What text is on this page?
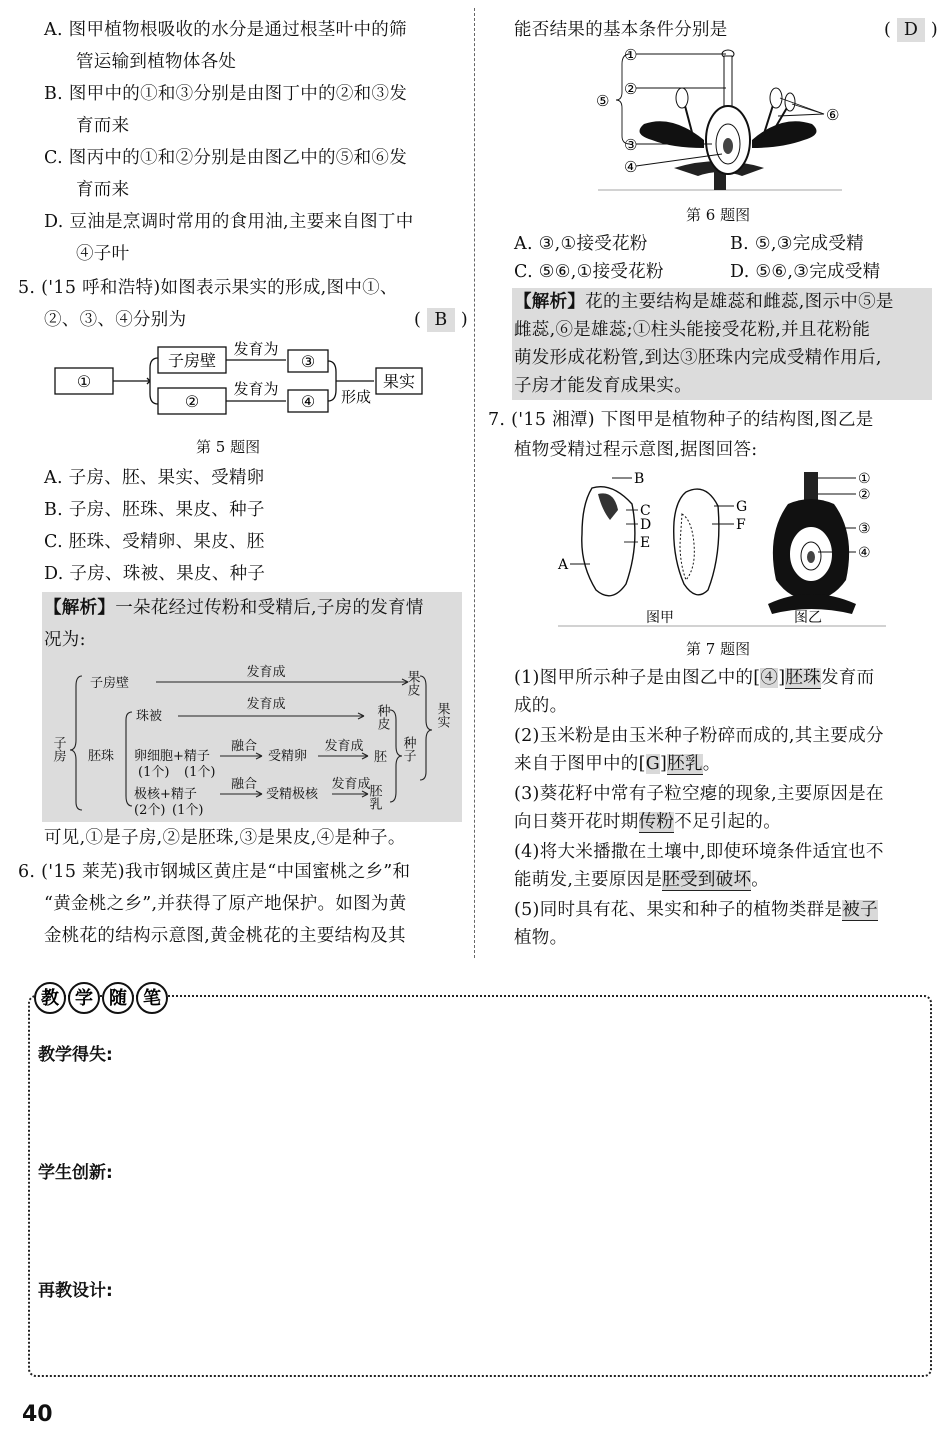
A. 图甲植物根吸收的水分是通过根茎叶中的筛
管运输到植物体各处
B. 图甲中的①和③分别是由图丁中的②和③发
育而来
C. 图丙中的①和②分别是由图乙中的⑤和⑥发
育而来
D. 豆油是烹调时常用的食用油,主要来自图丁中
④子叶
5. ('15 呼和浩特)如图表示果实的形成,图中①、
②、③、④分别为	( B )
①
子房壁
②
发育为
发育为
③
④ 形成
果实
第 5 题图
A. 子房、胚、果实、受精卵
B. 子房、胚珠、果皮、种子
C. 胚珠、受精卵、果皮、胚
D. 子房、珠被、果皮、种子
【解析】一朵花经过传粉和受精后,子房的发育情
况为:
子房
子房壁
发育成	果皮
果实
胚珠
珠被
发育成	种皮
种子
卵细胞+精子
(1个) (1个)
融合
受精卵
发育成
胚
极核+精子
(2个) (1个)
融合
受精极核
发育成
胚乳
可见,①是子房,②是胚珠,③是果皮,④是种子。
6. ('15 莱芜)我市钢城区黄庄是“中国蜜桃之乡”和
“黄金桃之乡”,并获得了原产地保护。如图为黄
金桃花的结构示意图,黄金桃花的主要结构及其
能否结果的基本条件分别是	( D )
①
②
③
④
⑤
⑥
第 6 题图
A. ③,①接受花粉	B. ⑤,③完成受精
C. ⑤⑥,①接受花粉	D. ⑤⑥,③完成受精
【解析】花的主要结构是雄蕊和雌蕊,图示中⑤是
雌蕊,⑥是雄蕊;①柱头能接受花粉,并且花粉能
萌发形成花粉管,到达③胚珠内完成受精作用后,
子房才能发育成果实。
7. ('15 湘潭) 下图甲是植物种子的结构图,图乙是
植物受精过程示意图,据图回答:
A
B
C
D
E
G
F
①
②
③
④
图甲	图乙
第 7 题图
(1)图甲所示种子是由图乙中的[④]胚珠发育而
成的。
(2)玉米粉是由玉米种子粉碎而成的,其主要成分
来自于图甲中的[G]胚乳。
(3)葵花籽中常有子粒空瘪的现象,主要原因是在
向日葵开花时期传粉不足引起的。
(4)将大米播撒在土壤中,即使环境条件适宜也不
能萌发,主要原因是胚受到破坏。
(5)同时具有花、果实和种子的植物类群是被子
植物。
教 学 随 笔
教学得失:
学生创新:
再教设计:
40
